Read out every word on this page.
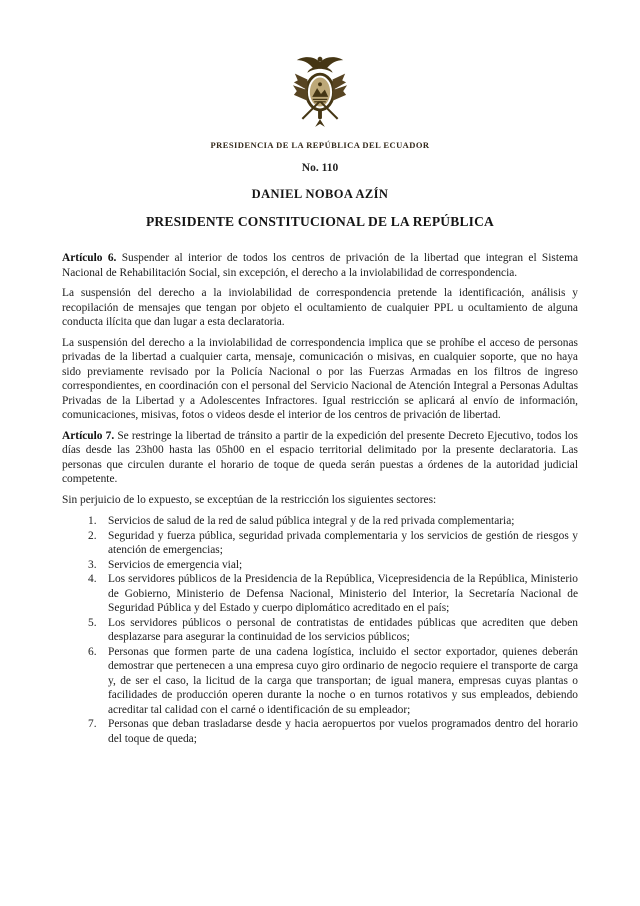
PRESIDENCIA DE LA REPÚBLICA DEL ECUADOR
No. 110
DANIEL NOBOA AZÍN
PRESIDENTE CONSTITUCIONAL DE LA REPÚBLICA

Artículo 6. Suspender al interior de todos los centros de privación de la libertad que integran el Sistema Nacional de Rehabilitación Social, sin excepción, el derecho a la inviolabilidad de correspondencia.

La suspensión del derecho a la inviolabilidad de correspondencia pretende la identificación, análisis y recopilación de mensajes que tengan por objeto el ocultamiento de cualquier PPL u ocultamiento de alguna conducta ilícita que dan lugar a esta declaratoria.

La suspensión del derecho a la inviolabilidad de correspondencia implica que se prohíbe el acceso de personas privadas de la libertad a cualquier carta, mensaje, comunicación o misivas, en cualquier soporte, que no haya sido previamente revisado por la Policía Nacional o por las Fuerzas Armadas en los filtros de ingreso correspondientes, en coordinación con el personal del Servicio Nacional de Atención Integral a Personas Adultas Privadas de la Libertad y a Adolescentes Infractores. Igual restricción se aplicará al envío de información, comunicaciones, misivas, fotos o videos desde el interior de los centros de privación de libertad.

Artículo 7. Se restringe la libertad de tránsito a partir de la expedición del presente Decreto Ejecutivo, todos los días desde las 23h00 hasta las 05h00 en el espacio territorial delimitado por la presente declaratoria. Las personas que circulen durante el horario de toque de queda serán puestas a órdenes de la autoridad judicial competente.

Sin perjuicio de lo expuesto, se exceptúan de la restricción los siguientes sectores:

1.	Servicios de salud de la red de salud pública integral y de la red privada complementaria;
2.	Seguridad y fuerza pública, seguridad privada complementaria y los servicios de gestión de riesgos y atención de emergencias;
3.	Servicios de emergencia vial;
4.	Los servidores públicos de la Presidencia de la República, Vicepresidencia de la República, Ministerio de Gobierno, Ministerio de Defensa Nacional, Ministerio del Interior, la Secretaría Nacional de Seguridad Pública y del Estado y cuerpo diplomático acreditado en el país;
5.	Los servidores públicos o personal de contratistas de entidades públicas que acrediten que deben desplazarse para asegurar la continuidad de los servicios públicos;
6.	Personas que formen parte de una cadena logística, incluido el sector exportador, quienes deberán demostrar que pertenecen a una empresa cuyo giro ordinario de negocio requiere el transporte de carga y, de ser el caso, la licitud de la carga que transportan; de igual manera, empresas cuyas plantas o facilidades de producción operen durante la noche o en turnos rotativos y sus empleados, debiendo acreditar tal calidad con el carné o identificación de su empleador;
7.	Personas que deban trasladarse desde y hacia aeropuertos por vuelos programados dentro del horario del toque de queda;
